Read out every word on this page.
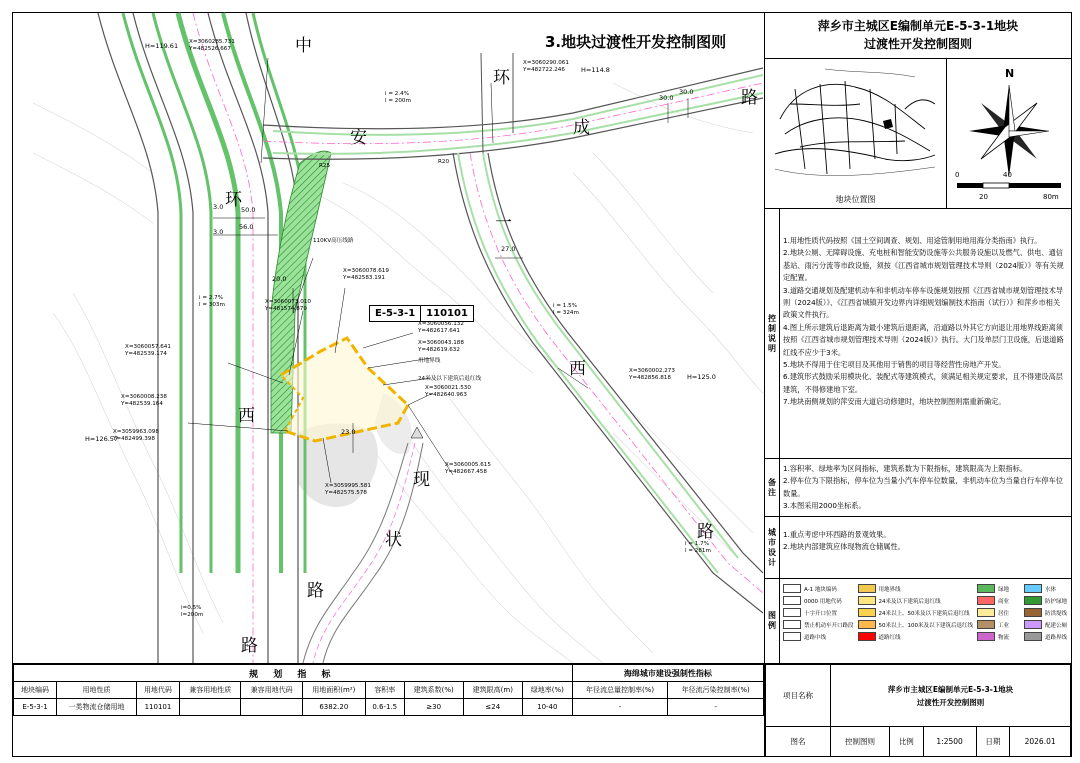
3.地块过渡性开发控制图则
中
安
环
西
环
路
成
一
西
路
现
状
路
路
E-5-3-1	110101
110KV高压线路
用地界线
24米及以下建筑后退红线
H=119.61
H=114.8
H=125.0
H=126.57
50.0
56.0
3.0
3.0
20.0
23.0
27.0
30.0
30.0
i = 2.4%
l = 200m
i = 2.7%
l = 303m	i = 1.5%
l = 324m
i = 1.7%
l = 281m
i=0.5%
l=200m
R25
R20
X=3060285.731
Y=482526.667
X=3060290.061
Y=482722.246
X=3060078.619
Y=482583.191
X=3060073.010
Y=481574.879
X=3060056.132
Y=482617.641
X=3060043.188
Y=482619.632
X=3060057.641
Y=482539.174
X=3060021.530
Y=482640.963
X=3060008.238
Y=482539.164
X=3059963.098
Y=482499.398
X=3060002.273
Y=482856.818
X=3060005.615
Y=482667.458
X=3059995.581
Y=482575.578
萍乡市主城区E编制单元E-5-3-1地块
过渡性开发控制图则
地块位置图
N
0	40
20	80m
控制说明
1.用地性质代码按照《国土空间调查、规划、用途管制用地用海分类指南》执行。
2.地块公厕、无障碍设施、充电桩和智能安防设施等公共服务设施以及燃气、供电、通信基站、雨污分流等市政设施，须按《江西省城市规划管理技术导则（2024版）》等有关规定配置。
3.道路交通规划及配建机动车和非机动车停车设施规划按照《江西省城市规划管理技术导则（2024版）》、《江西省城镇开发边界内详细规划编制技术指南（试行）》和萍乡市相关政策文件执行。
4.图上所示建筑后退距离为最小建筑后退距离，沿道路以外其它方向退让用地界线距离须按照《江西省城市规划管理技术导则（2024版）》执行。大门及单层门卫设施，后退道路红线不应少于3米。
5.地块不得用于住宅项目及其他用于销售的项目等经营性房地产开发。
6.建筑形式鼓励采用模块化、装配式等建筑模式，须满足相关规定要求，且不得建设高层建筑，不得修建地下室。
7.地块南侧规划的萍安南大道启动修建时，地块控制图则需重新确定。
备注
1.容积率、绿地率为区间指标，建筑系数为下限指标，建筑限高为上限指标。
2.停车位为下限指标，停车位为当量小汽车停车位数量，非机动车位为当量自行车停车位数量。
3.本图采用2000坐标系。
城市设计 1.重点考虑中环西路的景观效果。
2.地块内部建筑应体现物流仓储属性。
图例
A-1 地块编码	用地界线	绿地	水体
0000 用地代码	24米及以下建筑后退红线	商业	防护绿地
十字开口位置	24米以上、50米及以下建筑后退红线	居住	防洪堤线
禁止机动车开口路段	50米以上、100米及以下建筑后退红线	工业	配建公厕
道路中线	道路红线	物流	道路界线
规 划 指 标										海绵城市建设强制性指标	
地块编码	用地性质	用地代码	兼容用地性质	兼容用地代码	用地面积(m²)	容积率	建筑系数(%)	建筑限高(m)	绿地率(%)	年径流总量控制率(%)	年径流污染控制率(%)
E-5-3-1	一类物流仓储用地	110101			6382.20	0.6-1.5	≥30	≤24	10-40	-	-

项目名称	萍乡市主城区E编制单元E-5-3-1地块
过渡性开发控制图则				

图名	控制图则	比例	1:2500	日期	2026.01
